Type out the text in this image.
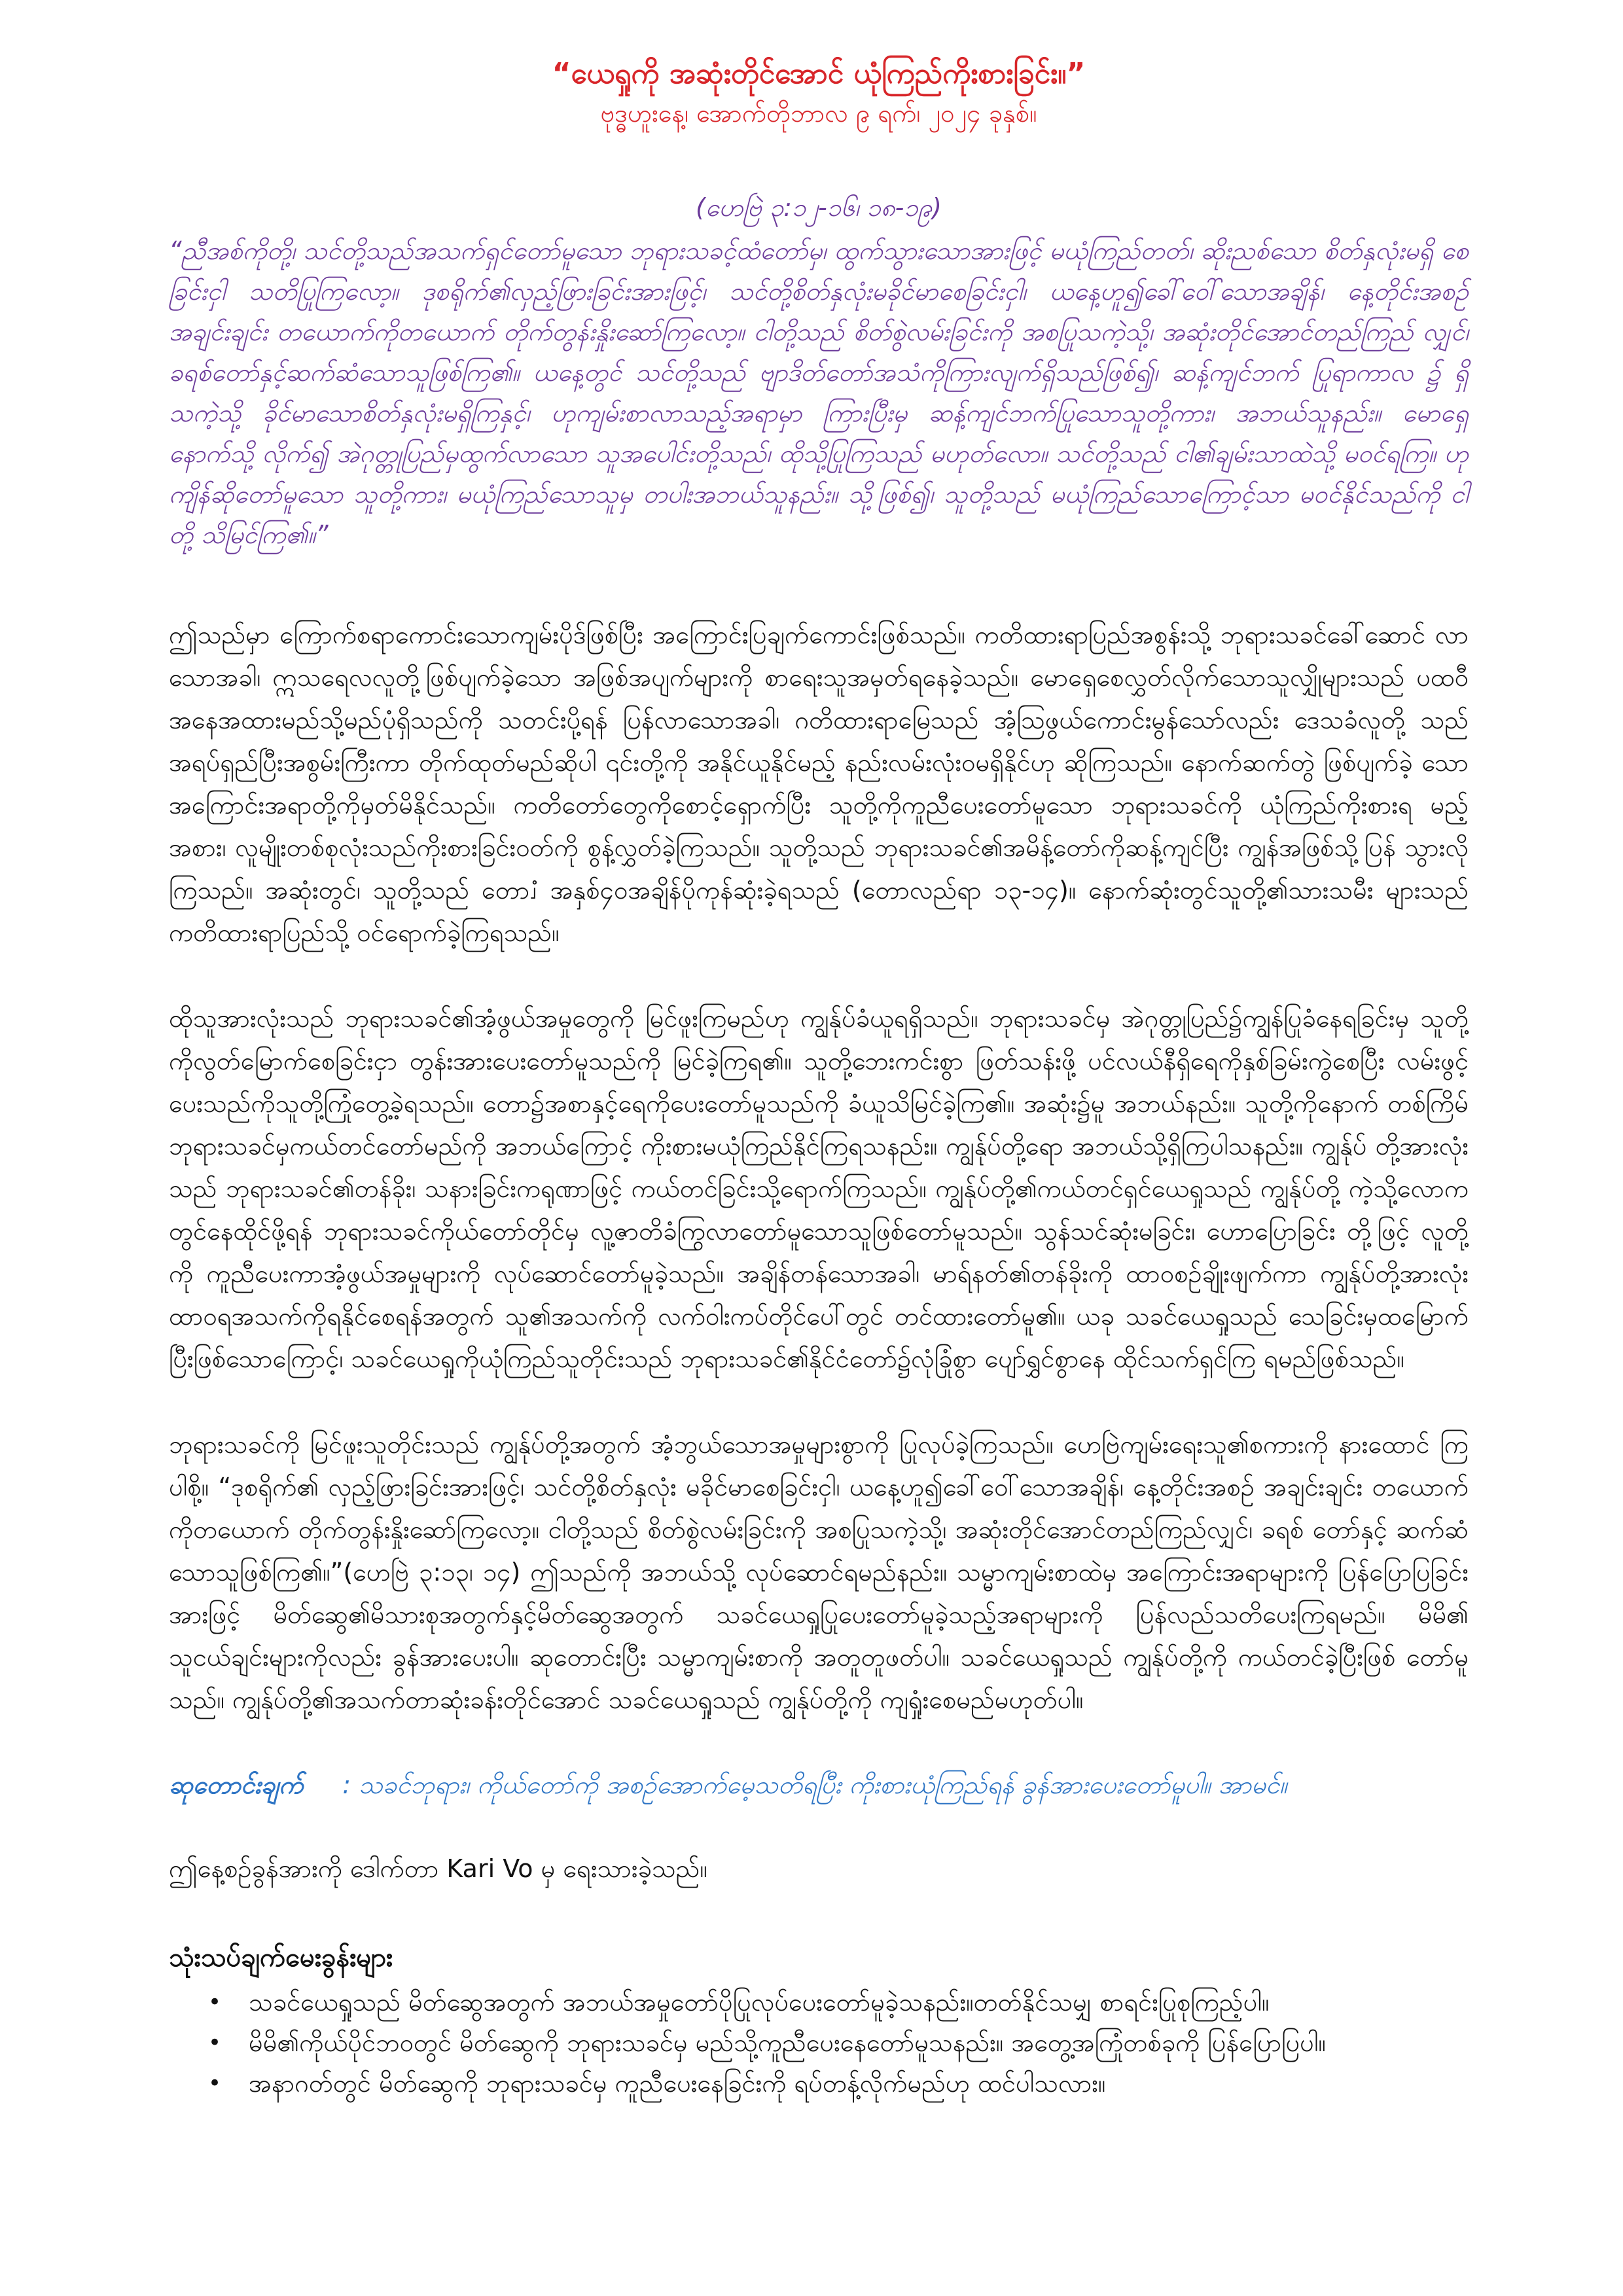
“ယေရှုကို အဆုံးတိုင်အောင် ယုံကြည်ကိုးစားခြင်း။”

ဗုဒ္ဓဟူးနေ့၊ အောက်တိုဘာလ ၉ ရက်၊ ၂၀၂၄ ခုနှစ်။

(ဟေဗြဲ ၃:၁၂-၁၆၊ ၁၈-၁၉)

“ညီအစ်ကိုတို့၊ သင်တို့သည်အသက်ရှင်တော်မူသော ဘုရားသခင့်ထံတော်မှ၊ ထွက်သွားသောအားဖြင့် မယုံကြည်တတ်၊ ဆိုးညစ်သော စိတ်နှလုံးမရှိ စေခြင်းငှါ သတိပြုကြလော့။ ဒုစရိုက်၏လှည့်ဖြားခြင်းအားဖြင့်၊ သင်တို့စိတ်နှလုံးမခိုင်မာစေခြင်းငှါ၊ ယနေ့ဟူ၍ခေါ်ဝေါ်သောအချိန်၊ နေ့တိုင်းအစဉ် အချင်းချင်း တယောက်ကိုတယောက် တိုက်တွန်းနှိုးဆော်ကြလော့။ ငါတို့သည် စိတ်စွဲလမ်းခြင်းကို အစပြုသကဲ့သို့၊ အဆုံးတိုင်အောင်တည်ကြည် လျှင်၊ ခရစ်တော်နှင့်ဆက်ဆံသောသူဖြစ်ကြ၏။ ယနေ့တွင် သင်တို့သည် ဗျာဒိတ်တော်အသံကိုကြားလျက်ရှိသည်ဖြစ်၍၊ ဆန့်ကျင်ဘက် ပြုရာကာလ ၌ ရှိသကဲ့သို့ ခိုင်မာသောစိတ်နှလုံးမရှိကြနှင့်၊ ဟုကျမ်းစာလာသည့်အရာမှာ ကြားပြီးမှ ဆန့်ကျင်ဘက်ပြုသောသူတို့ကား၊ အဘယ်သူနည်း။ မောရှေ နောက်သို့ လိုက်၍ အဲဂုတ္တုပြည်မှထွက်လာသော သူအပေါင်းတို့သည်၊ ထိုသို့ပြုကြသည် မဟုတ်လော။ သင်တို့သည် ငါ၏ချမ်းသာထဲသို့ မဝင်ရကြ။ ဟုကျိန်ဆိုတော်မူသော သူတို့ကား၊ မယုံကြည်သောသူမှ တပါးအဘယ်သူနည်း။ သို့ဖြစ်၍၊ သူတို့သည် မယုံကြည်သောကြောင့်သာ မဝင်နိုင်သည်ကို ငါတို့ သိမြင်ကြ၏။”

ဤသည်မှာ ကြောက်စရာကောင်းသောကျမ်းပိုဒ်ဖြစ်ပြီး အကြောင်းပြချက်ကောင်းဖြစ်သည်။ ကတိထားရာပြည်အစွန်းသို့ ဘုရားသခင်ခေါ်ဆောင် လာသောအခါ၊ ဣသရေလလူတို့ဖြစ်ပျက်ခဲ့သော အဖြစ်အပျက်များကို စာရေးသူအမှတ်ရနေခဲ့သည်။ မောရှေစေလွှတ်လိုက်သောသူလျှိုများသည် ပထဝီအနေအထားမည်သို့မည်ပုံရှိသည်ကို သတင်းပို့ရန် ပြန်လာသောအခါ၊ ဂတိထားရာမြေသည် အံ့ဩဖွယ်ကောင်းမွန်သော်လည်း ဒေသခံလူတို့ သည် အရပ်ရှည်ပြီးအစွမ်းကြီးကာ တိုက်ထုတ်မည်ဆိုပါ ၎င်းတို့ကို အနိုင်ယူနိုင်မည့် နည်းလမ်းလုံးဝမရှိနိုင်ဟု ဆိုကြသည်။ နောက်ဆက်တွဲ ဖြစ်ပျက်ခဲ့ သောအကြောင်းအရာတို့ကိုမှတ်မိနိုင်သည်။ ကတိတော်တွေကိုစောင့်ရှောက်ပြီး သူတို့ကိုကူညီပေးတော်မူသော ဘုရားသခင်ကို ယုံကြည်ကိုးစားရ မည့်အစား၊ လူမျိုးတစ်စုလုံးသည်ကိုးစားခြင်းဝတ်ကို စွန့်လွှတ်ခဲ့ကြသည်။ သူတို့သည် ဘုရားသခင်၏အမိန့်တော်ကိုဆန့်ကျင်ပြီး ကျွန်အဖြစ်သို့ပြန် သွားလိုကြသည်။ အဆုံးတွင်၊ သူတို့သည် တောၨ အနှစ်၄၀အချိန်ပိုကုန်ဆုံးခဲ့ရသည် (တောလည်ရာ ၁၃-၁၄)။ နောက်ဆုံးတွင်သူတို့၏သားသမီး များသည် ကတိထားရာပြည်သို့ ဝင်ရောက်ခဲ့ကြရသည်။

ထိုသူအားလုံးသည် ဘုရားသခင်၏အံ့ဖွယ်အမှုတွေကို မြင်ဖူးကြမည်ဟု ကျွန်ုပ်ခံယူရရှိသည်။ ဘုရားသခင်မှ အဲဂုတ္တုပြည်၌ကျွန်ပြုခံနေရခြင်းမှ သူတို့ကိုလွတ်မြောက်စေခြင်းငှာ တွန်းအားပေးတော်မူသည်ကို မြင်ခဲ့ကြရ၏။ သူတို့ဘေးကင်းစွာ ဖြတ်သန်းဖို့ ပင်လယ်နီရှိရေကိုနှစ်ခြမ်းကွဲစေပြီး လမ်းဖွင့်ပေးသည်ကိုသူတို့ကြုံတွေ့ခဲ့ရသည်။ တော၌အစာနှင့်ရေကိုပေးတော်မူသည်ကို ခံယူသိမြင်ခဲ့ကြ၏။ အဆုံး၌မူ အဘယ်နည်း။ သူတို့ကိုနောက် တစ်ကြိမ် ဘုရားသခင်မှကယ်တင်တော်မည်ကို အဘယ်ကြောင့် ကိုးစားမယုံကြည်နိုင်ကြရသနည်း။ ကျွန်ုပ်တို့ရော အဘယ်သို့ရှိကြပါသနည်း။ ကျွန်ုပ် တို့အားလုံးသည် ဘုရားသခင်၏တန်ခိုး၊ သနားခြင်းကရုဏာဖြင့် ကယ်တင်ခြင်းသို့ရောက်ကြသည်။ ကျွန်ုပ်တို့၏ကယ်တင်ရှင်ယေရှုသည် ကျွန်ုပ်တို့ ကဲ့သို့လောကတွင်နေထိုင်ဖို့ရန် ဘုရားသခင်ကိုယ်တော်တိုင်မှ လူ့ဇာတိခံကြွလာတော်မူသောသူဖြစ်တော်မူသည်။ သွန်သင်ဆုံးမခြင်း၊ ဟောပြောခြင်း တို့ဖြင့် လူတို့ကို ကူညီပေးကာအံ့ဖွယ်အမှုများကို လုပ်ဆောင်တော်မူခဲ့သည်။ အချိန်တန်သောအခါ၊ မာရ်နတ်၏တန်ခိုးကို ထာဝစဉ်ချိုးဖျက်ကာ ကျွန်ုပ်တို့အားလုံး ထာဝရအသက်ကိုရနိုင်စေရန်အတွက် သူ၏အသက်ကို လက်ဝါးကပ်တိုင်ပေါ်တွင် တင်ထားတော်မူ၏။ ယခု သခင်ယေရှုသည် သေခြင်းမှထမြောက်ပြီးဖြစ်သောကြောင့်၊ သခင်ယေရှုကိုယုံကြည်သူတိုင်းသည် ဘုရားသခင်၏နိုင်ငံတော်၌လုံခြုံစွာ ပျော်ရွှင်စွာနေ ထိုင်သက်ရှင်ကြ ရမည်ဖြစ်သည်။

ဘုရားသခင်ကို မြင်ဖူးသူတိုင်းသည် ကျွန်ုပ်တို့အတွက် အံ့ဘွယ်သောအမှုများစွာကို ပြုလုပ်ခဲ့ကြသည်။ ဟေဗြဲကျမ်းရေးသူ၏စကားကို နားထောင် ကြပါစို့။ “ဒုစရိုက်၏ လှည့်ဖြားခြင်းအားဖြင့်၊ သင်တို့စိတ်နှလုံး မခိုင်မာစေခြင်းငှါ၊ ယနေ့ဟူ၍ခေါ်ဝေါ်သောအချိန်၊ နေ့တိုင်းအစဉ် အချင်းချင်း တယောက်ကိုတယောက် တိုက်တွန်းနှိုးဆော်ကြလော့။ ငါတို့သည် စိတ်စွဲလမ်းခြင်းကို အစပြုသကဲ့သို့၊ အဆုံးတိုင်အောင်တည်ကြည်လျှင်၊ ခရစ် တော်နှင့် ဆက်ဆံသောသူဖြစ်ကြ၏။”(ဟေဗြဲ ၃:၁၃၊ ၁၄) ဤသည်ကို အဘယ်သို့ လုပ်ဆောင်ရမည်နည်း။ သမ္မာကျမ်းစာထဲမှ အကြောင်းအရာများကို ပြန်ပြောပြခြင်းအားဖြင့် မိတ်ဆွေ၏မိသားစုအတွက်နှင့်မိတ်ဆွေအတွက် သခင်ယေရှုပြုပေးတော်မူခဲ့သည့်အရာများကို ပြန်လည်သတိပေးကြရမည်။ မိမိ၏ သူငယ်ချင်းများကိုလည်း ခွန်အားပေးပါ။ ဆုတောင်းပြီး သမ္မာကျမ်းစာကို အတူတူဖတ်ပါ။ သခင်ယေရှုသည် ကျွန်ုပ်တို့ကို ကယ်တင်ခဲ့ပြီးဖြစ် တော်မူသည်။ ကျွန်ုပ်တို့၏အသက်တာဆုံးခန်းတိုင်အောင် သခင်ယေရှုသည် ကျွန်ုပ်တို့ကို ကျရှုံးစေမည်မဟုတ်ပါ။

ဆုတောင်းချက် : သခင်ဘုရား၊ ကိုယ်တော်ကို အစဉ်အောက်မေ့သတိရပြီး ကိုးစားယုံကြည်ရန် ခွန်အားပေးတော်မူပါ။ အာမင်။

ဤနေ့စဉ်ခွန်အားကို ဒေါက်တာ Kari Vo မှ ရေးသားခဲ့သည်။

သုံးသပ်ချက်မေးခွန်းများ

• သခင်ယေရှုသည် မိတ်ဆွေအတွက် အဘယ်အမှုတော်ပိုပြုလုပ်ပေးတော်မူခဲ့သနည်း။တတ်နိုင်သမျှ စာရင်းပြုစုကြည့်ပါ။
• မိမိ၏ကိုယ်ပိုင်ဘဝတွင် မိတ်ဆွေကို ဘုရားသခင်မှ မည်သို့ကူညီပေးနေတော်မူသနည်း။ အတွေ့အကြုံတစ်ခုကို ပြန်ပြောပြပါ။
• အနာဂတ်တွင် မိတ်ဆွေကို ဘုရားသခင်မှ ကူညီပေးနေခြင်းကို ရပ်တန့်လိုက်မည်ဟု ထင်ပါသလား။
